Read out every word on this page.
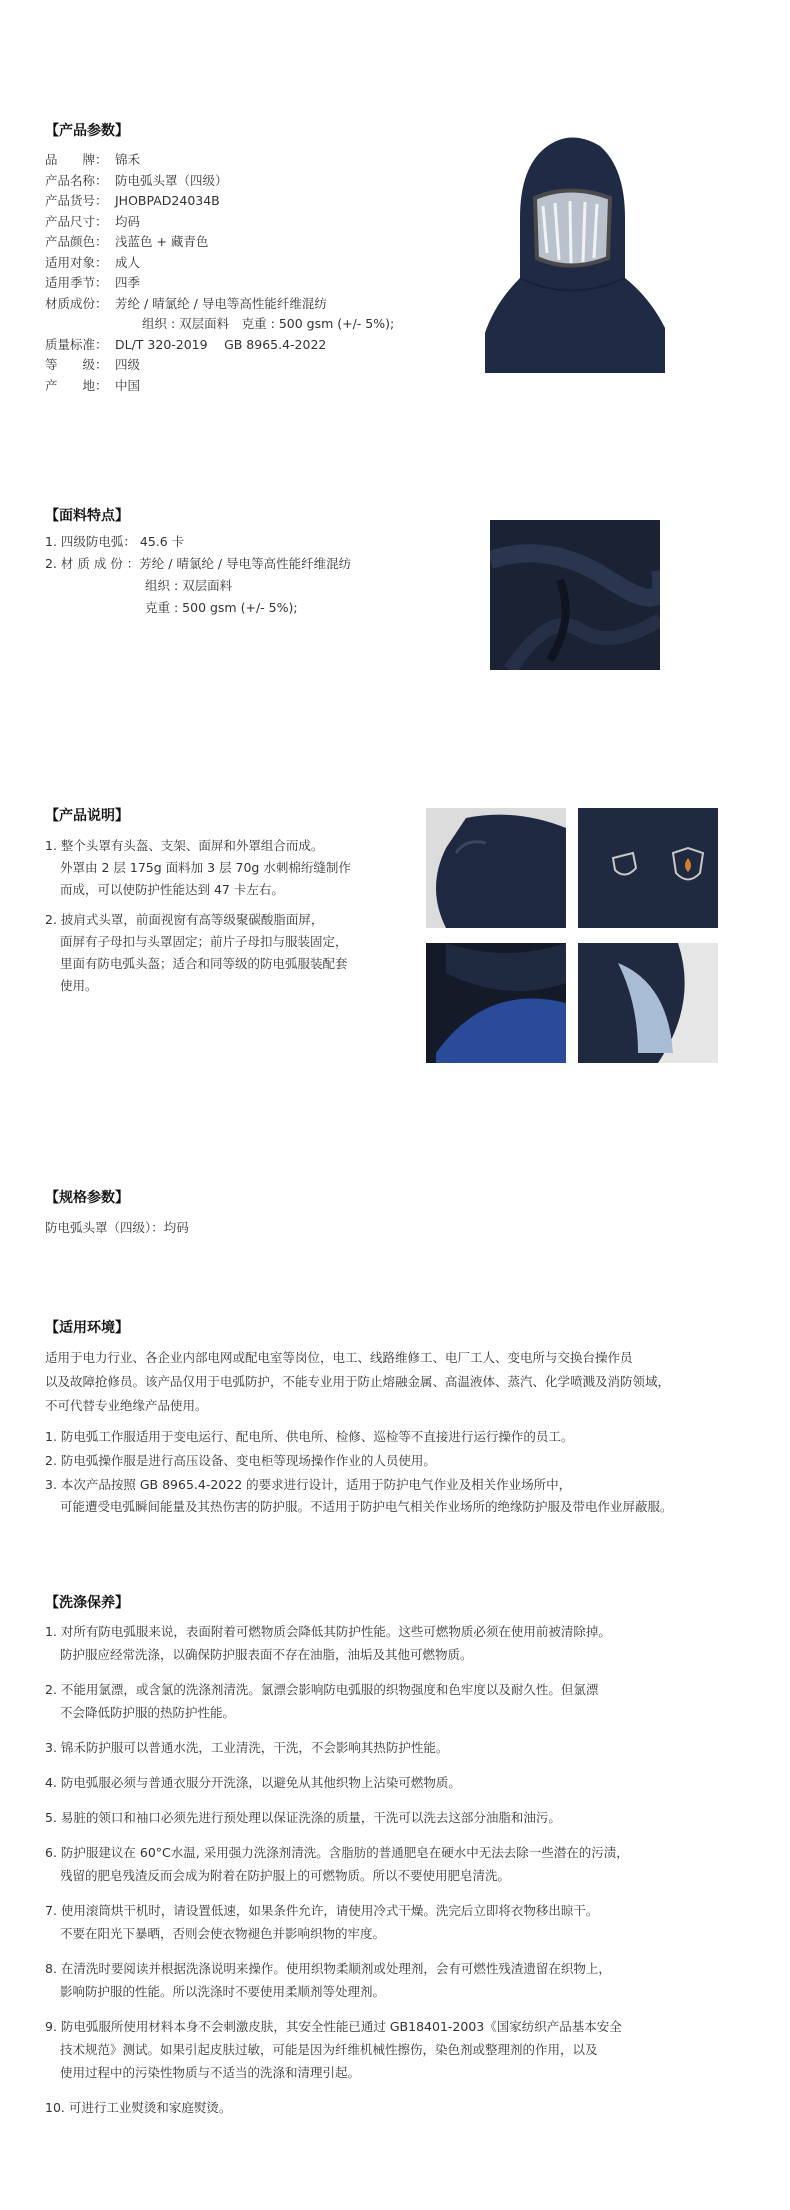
【产品参数】
品　　牌： 锦禾
产品名称： 防电弧头罩（四级）
产品货号： JHOBPAD24034B
产品尺寸： 均码
产品颜色： 浅蓝色 + 藏青色
适用对象： 成人
适用季节： 四季
材质成份： 芳纶 / 晴氯纶 / 导电等高性能纤维混纺
组织 : 双层面料　克重 : 500 gsm (+/- 5%);
质量标准： DL/T 320-2019　 GB 8965.4-2022
等　　级： 四级
产　　地： 中国
【面料特点】
1. 四级防电弧： 45.6 卡
2. 材 质 成 份 ：芳纶 / 晴氯纶 / 导电等高性能纤维混纺
组织 : 双层面料
克重 : 500 gsm (+/- 5%);
【产品说明】
1. 整个头罩有头盔、支架、面屏和外罩组合而成。
外罩由 2 层 175g 面料加 3 层 70g 水刺棉绗缝制作
而成，可以使防护性能达到 47 卡左右。
2. 披肩式头罩，前面视窗有高等级聚碳酸脂面屏，
面屏有子母扣与头罩固定；前片子母扣与服装固定，
里面有防电弧头盔；适合和同等级的防电弧服装配套
使用。
【规格参数】
防电弧头罩（四级）：均码
【适用环境】
适用于电力行业、各企业内部电网或配电室等岗位，电工、线路维修工、电厂工人、变电所与交换台操作员
以及故障抢修员。该产品仅用于电弧防护，不能专业用于防止熔融金属、高温液体、蒸汽、化学喷溅及消防领域，
不可代替专业绝缘产品使用。
1. 防电弧工作服适用于变电运行、配电所、供电所、检修、巡检等不直接进行运行操作的员工。
2. 防电弧操作服是进行高压设备、变电柜等现场操作作业的人员使用。
3. 本次产品按照 GB 8965.4-2022 的要求进行设计，适用于防护电气作业及相关作业场所中，
可能遭受电弧瞬间能量及其热伤害的防护服。不适用于防护电气相关作业场所的绝缘防护服及带电作业屏蔽服。
【洗涤保养】
1. 对所有防电弧服来说，表面附着可燃物质会降低其防护性能。这些可燃物质必须在使用前被清除掉。
防护服应经常洗涤，以确保防护服表面不存在油脂，油垢及其他可燃物质。
2. 不能用氯漂，或含氯的洗涤剂清洗。氯漂会影响防电弧服的织物强度和色牢度以及耐久性。但氯漂
不会降低防护服的热防护性能。
3. 锦禾防护服可以普通水洗，工业清洗，干洗，不会影响其热防护性能。
4. 防电弧服必须与普通衣服分开洗涤，以避免从其他织物上沾染可燃物质。
5. 易脏的领口和袖口必须先进行预处理以保证洗涤的质量，干洗可以洗去这部分油脂和油污。
6. 防护服建议在 60°C水温, 采用强力洗涤剂清洗。含脂肪的普通肥皂在硬水中无法去除一些潜在的污渍，
残留的肥皂残渣反而会成为附着在防护服上的可燃物质。所以不要使用肥皂清洗。
7. 使用滚筒烘干机时，请设置低速，如果条件允许，请使用冷式干燥。洗完后立即将衣物移出晾干。
不要在阳光下暴晒，否则会使衣物褪色并影响织物的牢度。
8. 在清洗时要阅读并根据洗涤说明来操作。使用织物柔顺剂或处理剂，会有可燃性残渣遗留在织物上，
影响防护服的性能。所以洗涤时不要使用柔顺剂等处理剂。
9. 防电弧服所使用材料本身不会刺激皮肤，其安全性能已通过 GB18401-2003《国家纺织产品基本安全
技术规范》测试。如果引起皮肤过敏，可能是因为纤维机械性擦伤，染色剂或整理剂的作用，以及
使用过程中的污染性物质与不适当的洗涤和清理引起。
10. 可进行工业熨烫和家庭熨烫。
